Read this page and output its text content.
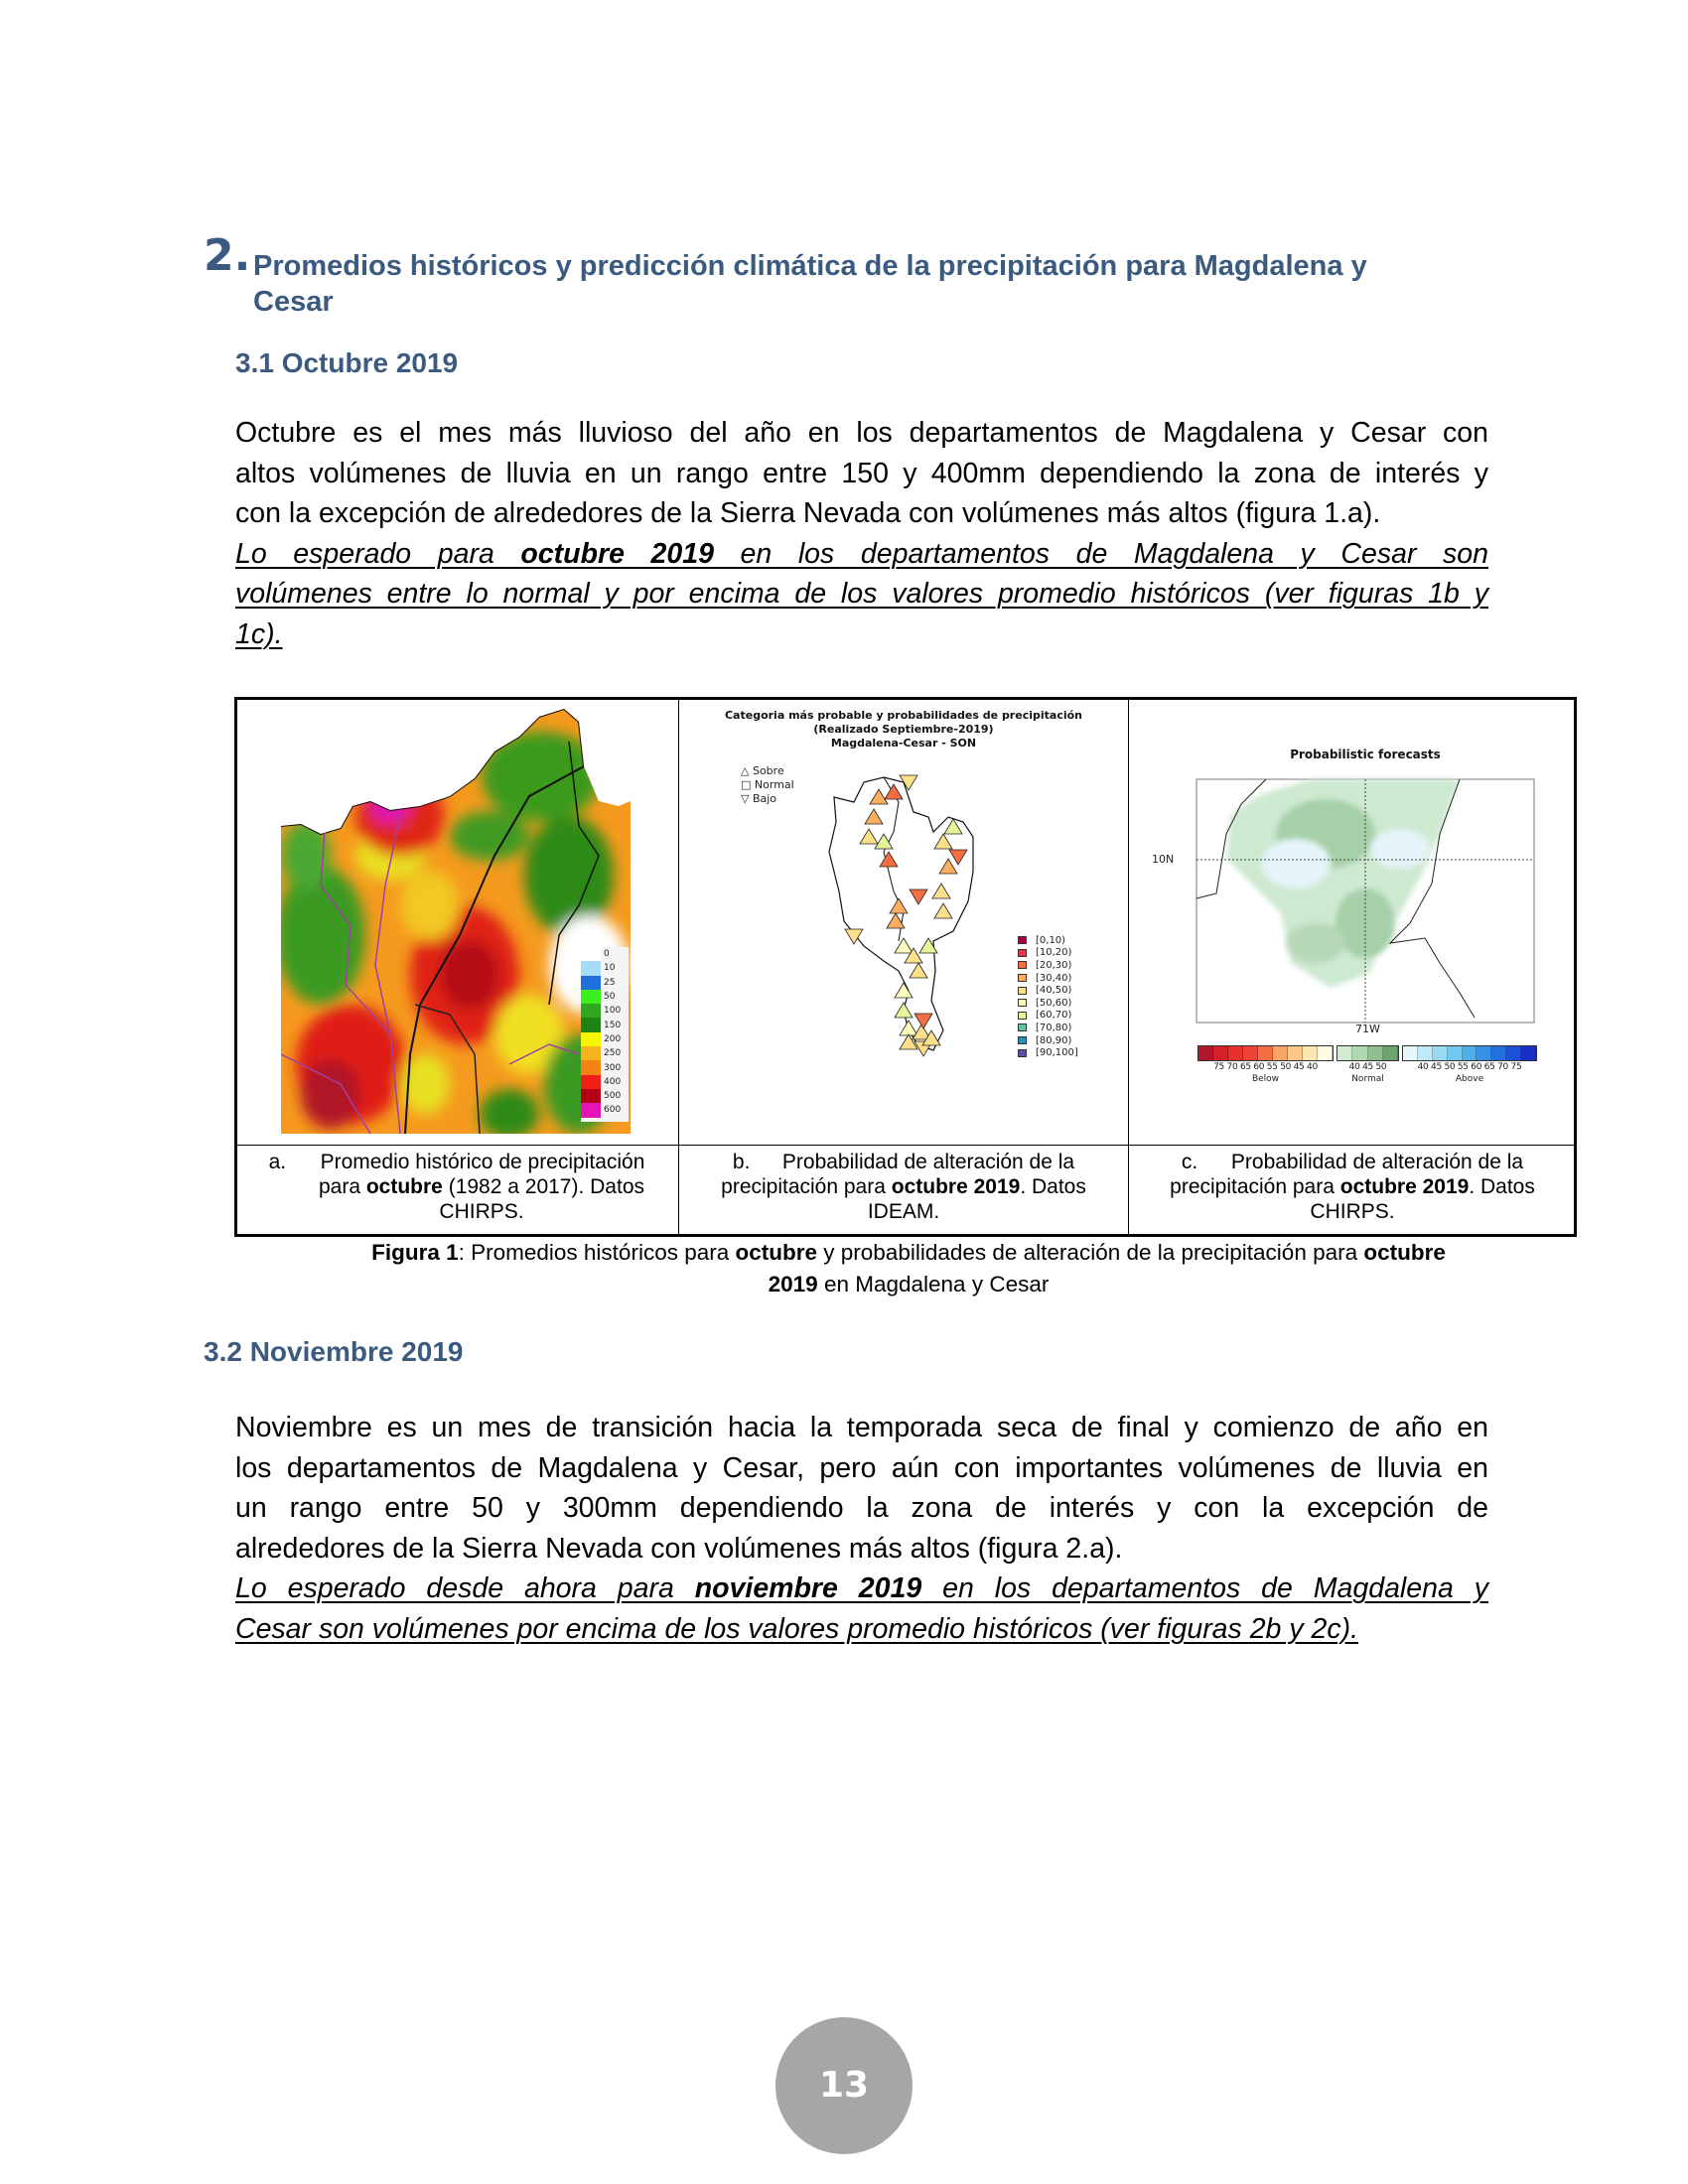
2. Promedios históricos y predicción climática de la precipitación para Magdalena y
Cesar
3.1 Octubre 2019
Octubre es el mes más lluvioso del año en los departamentos de Magdalena y Cesar con
altos volúmenes de lluvia en un rango entre 150 y 400mm dependiendo la zona de interés y
con la excepción de alrededores de la Sierra Nevada con volúmenes más altos (figura 1.a).
Lo esperado para octubre 2019 en los departamentos de Magdalena y Cesar son
volúmenes entre lo normal y por encima de los valores promedio históricos (ver figuras 1b y
1c).
0
10
25
50
100
150
200
250
300
400
500
600
Categoria más probable y probabilidades de precipitación
(Realizado Septiembre-2019)
Magdalena-Cesar - SON
△ Sobre
□ Normal
▽ Bajo
[0,10)
[10,20)
[20,30)
[30,40)
[40,50)
[50,60)
[60,70)
[70,80)
[80,90)
[90,100]
Probabilistic forecasts
10N
71W
75 70 65 60 55 50 45 40
Below
40 45 50
Normal
40 45 50 55 60 65 70 75
Above
a. Promedio histórico de precipitación
para octubre (1982 a 2017). Datos
CHIRPS.
b. Probabilidad de alteración de la
precipitación para octubre 2019. Datos
IDEAM.
c. Probabilidad de alteración de la
precipitación para octubre 2019. Datos
CHIRPS.
Figura 1: Promedios históricos para octubre y probabilidades de alteración de la precipitación para octubre
2019 en Magdalena y Cesar
3.2 Noviembre 2019
Noviembre es un mes de transición hacia la temporada seca de final y comienzo de año en
los departamentos de Magdalena y Cesar, pero aún con importantes volúmenes de lluvia en
un rango entre 50 y 300mm dependiendo la zona de interés y con la excepción de
alrededores de la Sierra Nevada con volúmenes más altos (figura 2.a).
Lo esperado desde ahora para noviembre 2019 en los departamentos de Magdalena y
Cesar son volúmenes por encima de los valores promedio históricos (ver figuras 2b y 2c).
13
